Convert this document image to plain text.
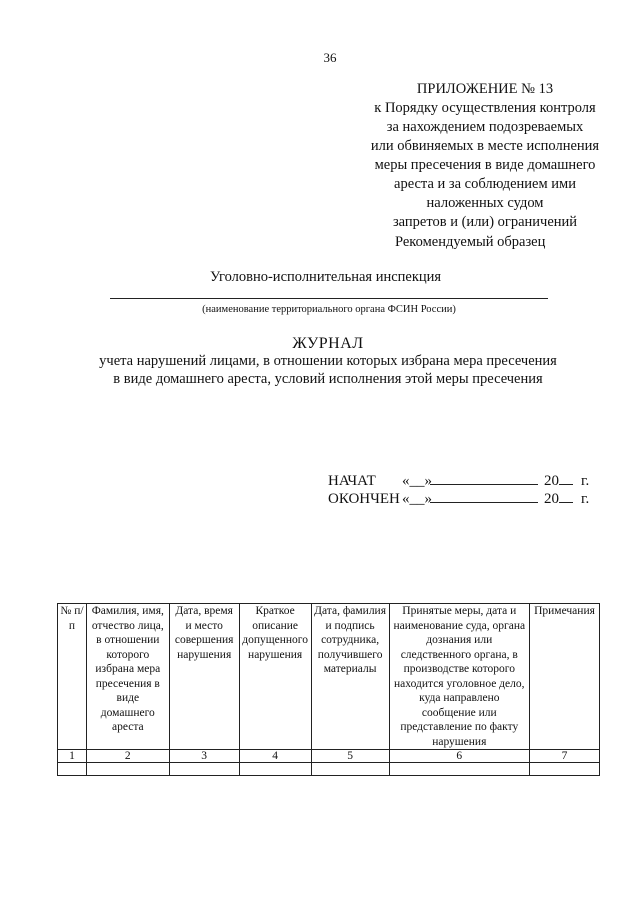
36
ПРИЛОЖЕНИЕ № 13
к Порядку осуществления контроля
за нахождением подозреваемых
или обвиняемых в месте исполнения
меры пресечения в виде домашнего
ареста и за соблюдением ими
наложенных судом
запретов и (или) ограничений
Рекомендуемый образец
Уголовно-исполнительная инспекция
(наименование территориального органа ФСИН России)
ЖУРНАЛ
учета нарушений лицами, в отношении которых избрана мера пресечения
в виде домашнего ареста, условий исполнения этой меры пресечения
НАЧАТ «__»	20 г.
ОКОНЧЕН «__»	20 г.
№ п/п	Фамилия, имя, отчество лица, в отношении которого избрана мера пресечения в виде домашнего ареста	Дата, время и место совершения нарушения	Краткое описание допущенного нарушения	Дата, фамилия и подпись сотрудника, получившего материалы	Принятые меры, дата и наименование суда, органа дознания или следственного органа, в производстве которого находится уголовное дело, куда направлено сообщение или представление по факту нарушения	Примечания
1	2	3	4	5	6	7
